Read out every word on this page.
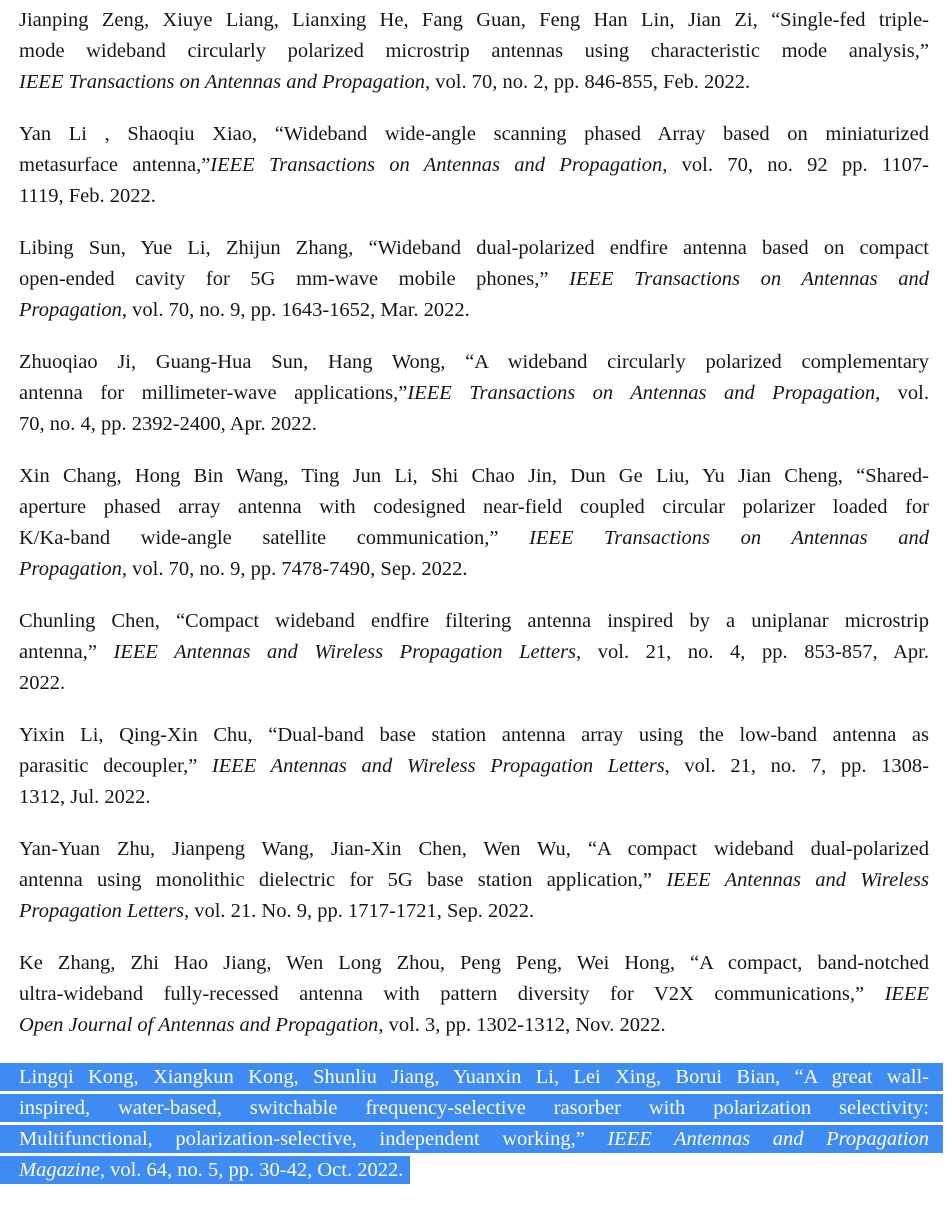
Jianping Zeng, Xiuye Liang, Lianxing He, Fang Guan, Feng Han Lin, Jian Zi, “Single-fed triple-
mode wideband circularly polarized microstrip antennas using characteristic mode analysis,”
IEEE Transactions on Antennas and Propagation, vol. 70, no. 2, pp. 846-855, Feb. 2022.
Yan Li , Shaoqiu Xiao, “Wideband wide-angle scanning phased Array based on miniaturized
metasurface antenna,”IEEE Transactions on Antennas and Propagation, vol. 70, no. 92 pp. 1107-
1119, Feb. 2022.
Libing Sun, Yue Li, Zhijun Zhang, “Wideband dual-polarized endfire antenna based on compact
open-ended cavity for 5G mm-wave mobile phones,” IEEE Transactions on Antennas and
Propagation, vol. 70, no. 9, pp. 1643-1652, Mar. 2022.
Zhuoqiao Ji, Guang-Hua Sun, Hang Wong, “A wideband circularly polarized complementary
antenna for millimeter-wave applications,”IEEE Transactions on Antennas and Propagation, vol.
70, no. 4, pp. 2392-2400, Apr. 2022.
Xin Chang, Hong Bin Wang, Ting Jun Li, Shi Chao Jin, Dun Ge Liu, Yu Jian Cheng, “Shared-
aperture phased array antenna with codesigned near-field coupled circular polarizer loaded for
K/Ka-band wide-angle satellite communication,” IEEE Transactions on Antennas and
Propagation, vol. 70, no. 9, pp. 7478-7490, Sep. 2022.
Chunling Chen, “Compact wideband endfire filtering antenna inspired by a uniplanar microstrip
antenna,” IEEE Antennas and Wireless Propagation Letters, vol. 21, no. 4, pp. 853-857, Apr.
2022.
Yixin Li, Qing-Xin Chu, “Dual-band base station antenna array using the low-band antenna as
parasitic decoupler,” IEEE Antennas and Wireless Propagation Letters, vol. 21, no. 7, pp. 1308-
1312, Jul. 2022.
Yan-Yuan Zhu, Jianpeng Wang, Jian-Xin Chen, Wen Wu, “A compact wideband dual-polarized
antenna using monolithic dielectric for 5G base station application,” IEEE Antennas and Wireless
Propagation Letters, vol. 21. No. 9, pp. 1717-1721, Sep. 2022.
Ke Zhang, Zhi Hao Jiang, Wen Long Zhou, Peng Peng, Wei Hong, “A compact, band-notched
ultra-wideband fully-recessed antenna with pattern diversity for V2X communications,” IEEE
Open Journal of Antennas and Propagation, vol. 3, pp. 1302-1312, Nov. 2022.
Lingqi Kong, Xiangkun Kong, Shunliu Jiang, Yuanxin Li, Lei Xing, Borui Bian, “A great wall-
inspired, water-based, switchable frequency-selective rasorber with polarization selectivity:
Multifunctional, polarization-selective, independent working,” IEEE Antennas and Propagation
Magazine, vol. 64, no. 5, pp. 30-42, Oct. 2022.
